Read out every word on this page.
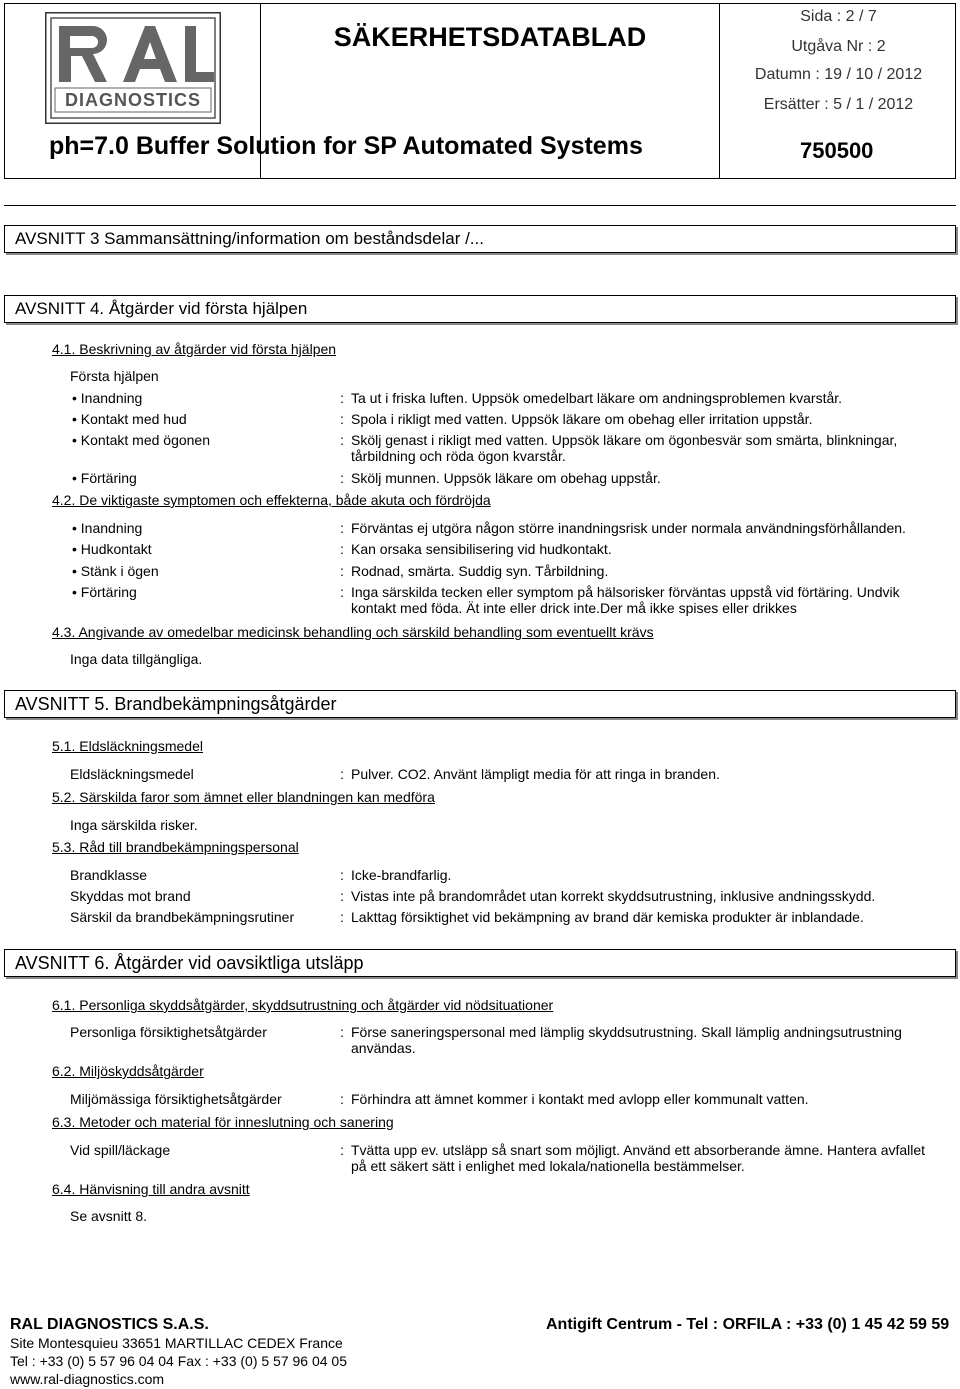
DIAGNOSTICS
ph=7.0 Buffer Solution for SP Automated Systems
SÄKERHETSDATABLAD
Sida : 2 / 7
Utgåva Nr : 2
Datumn : 19 / 10 / 2012
Ersätter : 5 / 1 / 2012
750500
AVSNITT 3 Sammansättning/information om beståndsdelar /...
AVSNITT 4. Åtgärder vid första hjälpen
4.1. Beskrivning av åtgärder vid första hjälpen
Första hjälpen
• Inandning	: Ta ut i friska luften. Uppsök omedelbart läkare om andningsproblemen kvarstår.
• Kontakt med hud	: Spola i rikligt med vatten. Uppsök läkare om obehag eller irritation uppstår.
• Kontakt med ögonen	: Skölj genast i rikligt med vatten. Uppsök läkare om ögonbesvär som smärta, blinkningar, tårbildning och röda ögon kvarstår.
• Förtäring	: Skölj munnen. Uppsök läkare om obehag uppstår.
4.2. De viktigaste symptomen och effekterna, både akuta och fördröjda
• Inandning	: Förväntas ej utgöra någon större inandningsrisk under normala användningsförhållanden.
• Hudkontakt	: Kan orsaka sensibilisering vid hudkontakt.
• Stänk i ögen	: Rodnad, smärta. Suddig syn. Tårbildning.
• Förtäring	: Inga särskilda tecken eller symptom på hälsorisker förväntas uppstå vid förtäring. Undvik kontakt med föda. Ät inte eller drick inte.Der må ikke spises eller drikkes
4.3. Angivande av omedelbar medicinsk behandling och särskild behandling som eventuellt krävs
Inga data tillgängliga.
AVSNITT 5. Brandbekämpningsåtgärder
5.1. Eldsläckningsmedel
Eldsläckningsmedel	: Pulver. CO2. Använt lämpligt media för att ringa in branden.
5.2. Särskilda faror som ämnet eller blandningen kan medföra
Inga särskilda risker.
5.3. Råd till brandbekämpningspersonal
Brandklasse	: Icke-brandfarlig.
Skyddas mot brand	: Vistas inte på brandområdet utan korrekt skyddsutrustning, inklusive andningsskydd.
Särskil da brandbekämpningsrutiner	: Lakttag försiktighet vid bekämpning av brand där kemiska produkter är inblandade.
AVSNITT 6. Åtgärder vid oavsiktliga utsläpp
6.1. Personliga skyddsåtgärder, skyddsutrustning och åtgärder vid nödsituationer
Personliga försiktighetsåtgärder	: Förse saneringspersonal med lämplig skyddsutrustning. Skall lämplig andningsutrustning användas.
6.2. Miljöskyddsåtgärder
Miljömässiga försiktighetsåtgärder	: Förhindra att ämnet kommer i kontakt med avlopp eller kommunalt vatten.
6.3. Metoder och material för inneslutning och sanering
Vid spill/läckage	: Tvätta upp ev. utsläpp så snart som möjligt. Använd ett absorberande ämne. Hantera avfallet på ett säkert sätt i enlighet med lokala/nationella bestämmelser.
6.4. Hänvisning till andra avsnitt
Se avsnitt 8.
RAL DIAGNOSTICS S.A.S.	Antigift Centrum - Tel : ORFILA : +33 (0) 1 45 42 59 59
Site Montesquieu 33651 MARTILLAC CEDEX France
Tel : +33 (0) 5 57 96 04 04 Fax : +33 (0) 5 57 96 04 05
www.ral-diagnostics.com
